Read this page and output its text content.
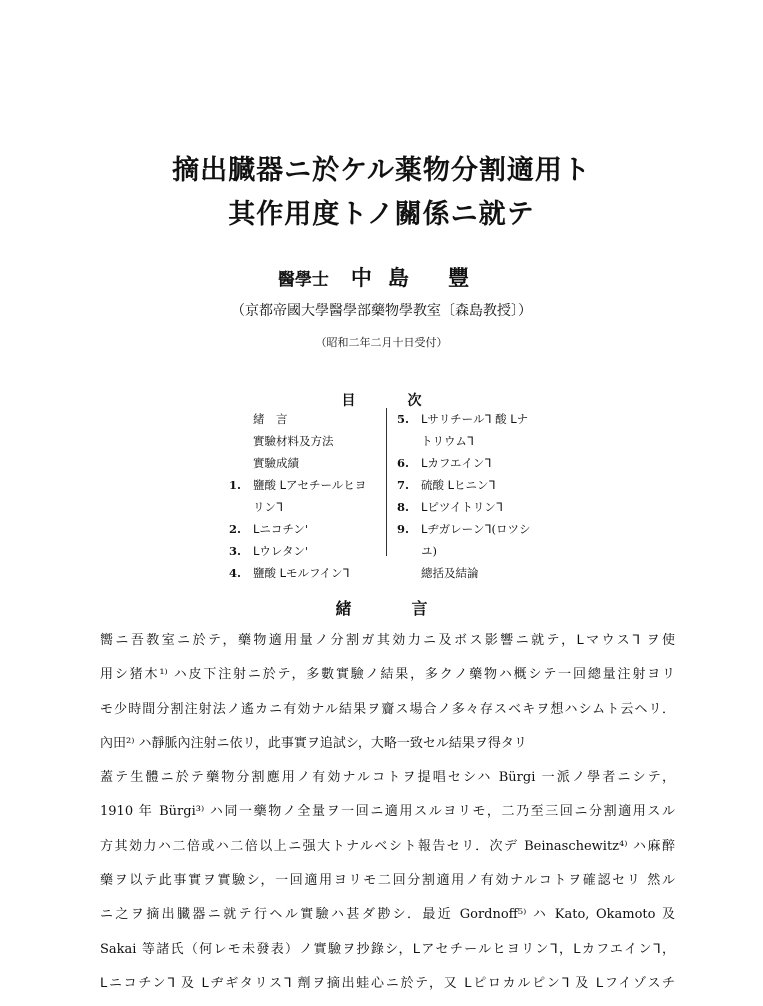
摘出臓器ニ於ケル薬物分割適用ト
其作用度トノ關係ニ就テ
醫學士 中島 豐
（京都帝國大學醫學部藥物學教室〔森島教授〕）
（昭和二年二月十日受付）
目	次
緒　言
實驗材料及方法
實驗成績
1.	鹽酸 ᒪアセチールヒヨ
リンᒣ
2.	ᒪニコチン'
3.	ᒪウレタン'
4.	鹽酸 ᒪモルフインᒣ
5.	ᒪサリチールᒣ 酸 ᒪナ
トリウムᒣ
6.	ᒪカフエインᒣ
7.	硫酸 ᒪヒニンᒣ
8.	ᒪピツイトリンᒣ
9.	ᒪヂガレーンᒣ(ロツシ
ユ)
總括及結論
緒	言
嚮ニ吾教室ニ於テ，藥物適用量ノ分割ガ其効力ニ及ボス影響ニ就テ，ᒪマウスᒣ ヲ使
用シ猪木¹⁾ ハ皮下注射ニ於テ，多數實驗ノ結果，多クノ藥物ハ概シテ一回總量注射ヨリ
モ少時間分割注射法ノ遙カニ有効ナル結果ヲ齎ス場合ノ多々存スベキヲ想ハシムト云ヘリ．
內田²⁾ ハ靜脈內注射ニ依リ，此事實ヲ追試シ，大略一致セル結果ヲ得タリ
蓋テ生體ニ於テ藥物分割應用ノ有効ナルコトヲ提唱セシハ Bürgi 一派ノ學者ニシテ，
1910 年 Bürgi³⁾ ハ同一藥物ノ全量ヲ一回ニ適用スルヨリモ，二乃至三回ニ分割適用スル
方其効力ハ二倍或ハ二倍以上ニ强大トナルベシト報告セリ．次デ Beinaschewitz⁴⁾ ハ麻醉
藥ヲ以テ此事實ヲ實驗シ，一回適用ヨリモ二回分割適用ノ有効ナルコトヲ確認セリ 然ル
ニ之ヲ摘出臓器ニ就テ行ヘル實驗ハ甚ダ尠シ．最近 Gordnoff⁵⁾ ハ Kato, Okamoto 及
Sakai 等諸氏（何レモ未發表）ノ實驗ヲ抄錄シ，ᒪアセチールヒヨリンᒣ，ᒪカフエインᒣ，
ᒪニコチンᒣ 及 ᒪヂギタリスᒣ 劑ヲ摘出蛙心ニ於テ，又 ᒪピロカルピンᒣ 及 ᒪフイゾスチ
